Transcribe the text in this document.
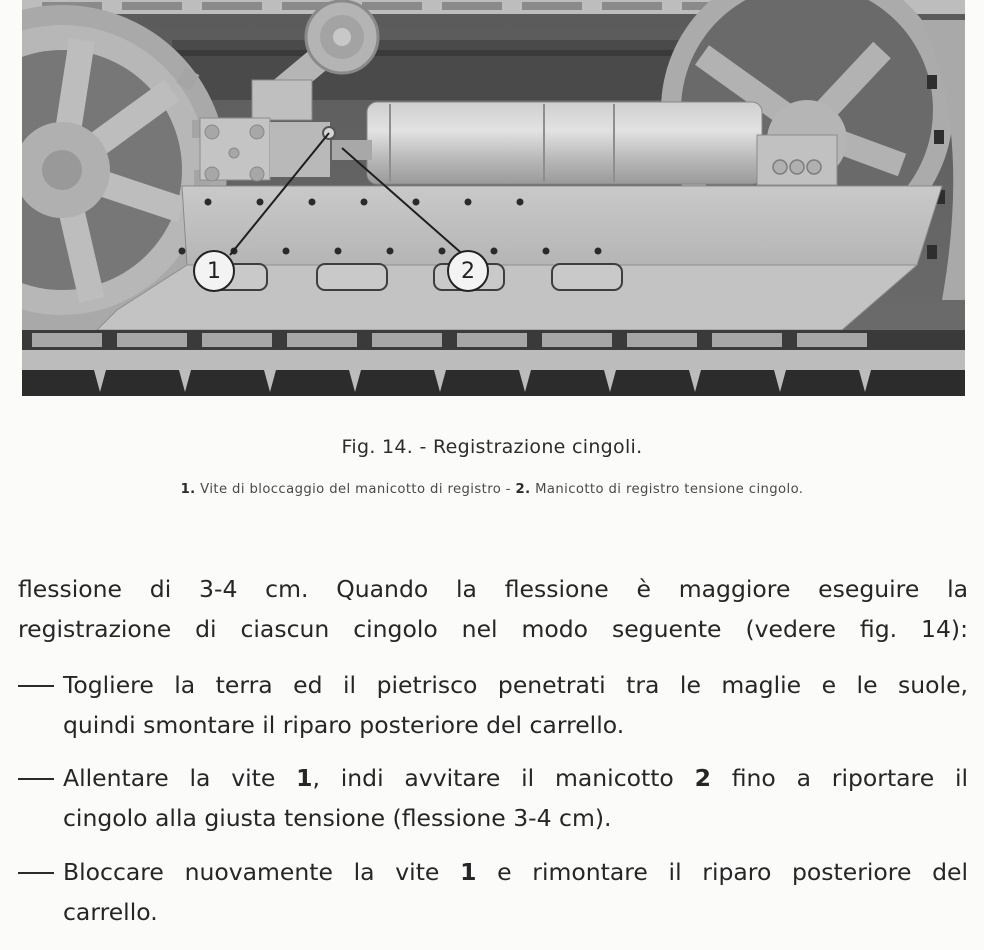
1	2
Fig. 14. - Registrazione cingoli.
1. Vite di bloccaggio del manicotto di registro - 2. Manicotto di registro tensione cingolo.
flessione di 3-4 cm. Quando la flessione è maggiore eseguire la
registrazione di ciascun cingolo nel modo seguente (vedere fig. 14):
Togliere la terra ed il pietrisco penetrati tra le maglie e le suole,
quindi smontare il riparo posteriore del carrello.
Allentare la vite 1, indi avvitare il manicotto 2 fino a riportare il
cingolo alla giusta tensione (flessione 3-4 cm).
Bloccare nuovamente la vite 1 e rimontare il riparo posteriore del
carrello.
